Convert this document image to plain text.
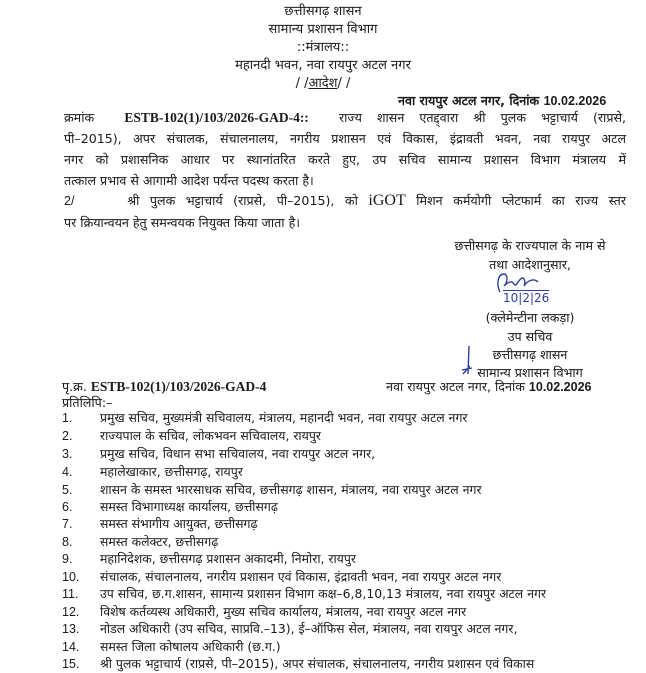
छत्तीसगढ़ शासन
सामान्य प्रशासन विभाग
::मंत्रालय::
महानदी भवन, नवा रायपुर अटल नगर
/ /आदेश/ /
नवा रायपुर अटल नगर, दिनांक 10.02.2026
क्रमांक ESTB-102(1)/103/2026-GAD-4:: राज्य शासन एतद्द्वारा श्री पुलक भट्टाचार्य (राप्रसे,
पी–2015), अपर संचालक, संचालनालय, नगरीय प्रशासन एवं विकास, इंद्रावती भवन, नवा रायपुर अटल
नगर को प्रशासनिक आधार पर स्थानांतरित करते हुए, उप सचिव सामान्य प्रशासन विभाग मंत्रालय में
तत्काल प्रभाव से आगामी आदेश पर्यन्त पदस्थ करता है।
2/	श्री पुलक भट्टाचार्य (राप्रसे, पी–2015), को iGOT मिशन कर्मयोगी प्लेटफार्म का राज्य स्तर
पर क्रियान्वयन हेतु समन्वयक नियुक्त किया जाता है।
छत्तीसगढ़ के राज्यपाल के नाम से
तथा आदेशानुसार,
10|2|26
(क्लेमेन्टीना लकड़ा)
उप सचिव
छत्तीसगढ़ शासन
सामान्य प्रशासन विभाग
पृ.क्र. ESTB-102(1)/103/2026-GAD-4	नवा रायपुर अटल नगर, दिनांक 10.02.2026
प्रतिलिपि:–
1. प्रमुख सचिव, मुख्यमंत्री सचिवालय, मंत्रालय, महानदी भवन, नवा रायपुर अटल नगर
2. राज्यपाल के सचिव, लोकभवन सचिवालय, रायपुर
3. प्रमुख सचिव, विधान सभा सचिवालय, नवा रायपुर अटल नगर,
4. महालेखाकार, छत्तीसगढ़, रायपुर
5. शासन के समस्त भारसाधक सचिव, छत्तीसगढ़ शासन, मंत्रालय, नवा रायपुर अटल नगर
6. समस्त विभागाध्यक्ष कार्यालय, छत्तीसगढ़
7. समस्त संभागीय आयुक्त, छत्तीसगढ़
8. समस्त कलेक्टर, छत्तीसगढ़
9. महानिदेशक, छत्तीसगढ़ प्रशासन अकादमी, निमोरा, रायपुर
10. संचालक, संचालनालय, नगरीय प्रशासन एवं विकास, इंद्रावती भवन, नवा रायपुर अटल नगर
11. उप सचिव, छ.ग.शासन, सामान्य प्रशासन विभाग कक्ष–6,8,10,13 मंत्रालय, नवा रायपुर अटल नगर
12. विशेष कर्तव्यस्थ अधिकारी, मुख्य सचिव कार्यालय, मंत्रालय, नवा रायपुर अटल नगर
13. नोडल अधिकारी (उप सचिव, साप्रवि.–13), ई–ऑफिस सेल, मंत्रालय, नवा रायपुर अटल नगर,
14. समस्त जिला कोषालय अधिकारी (छ.ग.)
15. श्री पुलक भट्टाचार्य (राप्रसे, पी–2015), अपर संचालक, संचालनालय, नगरीय प्रशासन एवं विकास
